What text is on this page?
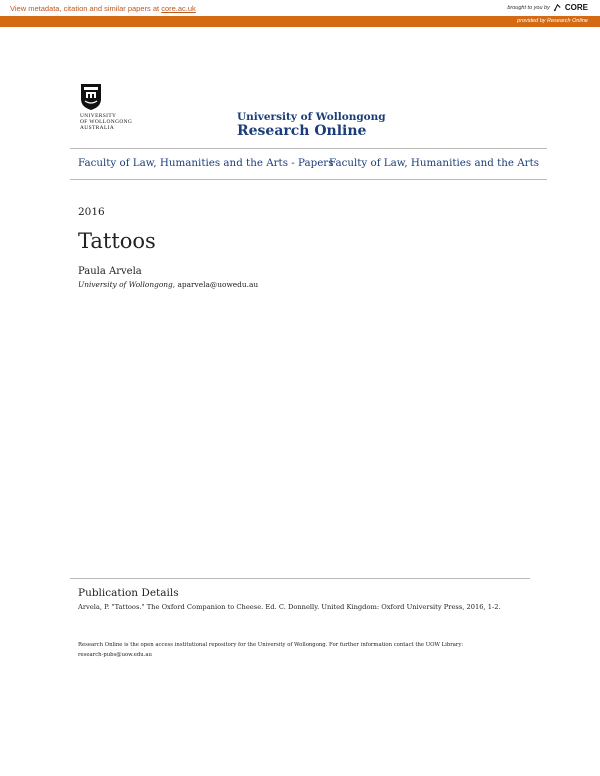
View metadata, citation and similar papers at core.ac.uk	brought to you by CORE
provided by Research Online
UNIVERSITY
OF WOLLONGONG
AUSTRALIA
University of Wollongong
Research Online
Faculty of Law, Humanities and the Arts - Papers
Faculty of Law, Humanities and the Arts
2016
Tattoos
Paula Arvela
University of Wollongong, aparvela@uowedu.au
Publication Details
Arvela, P. "Tattoos." The Oxford Companion to Cheese. Ed. C. Donnelly. United Kingdom: Oxford University Press, 2016, 1-2.
Research Online is the open access institutional repository for the University of Wollongong. For further information contact the UOW Library:
research-pubs@uow.edu.au
